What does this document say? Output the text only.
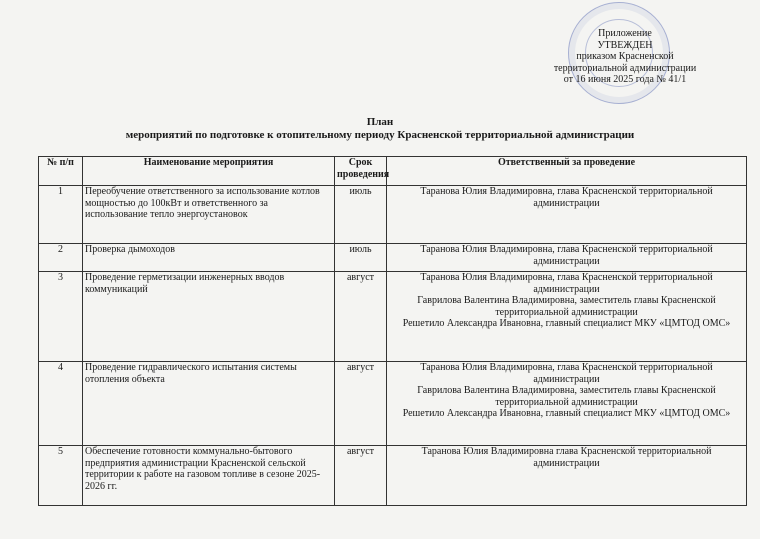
Приложение
УТВЕЖДЕН
приказом Красненской
территориальной администрации
от 16 июня 2025 года № 41/1
План
мероприятий по подготовке к отопительному периоду Красненской территориальной администрации
№ п/п	Наименование мероприятия	Срок проведения	Ответственный за проведение
1	Переобучение ответственного за использование котлов мощностью до 100кВт и ответственного за использование тепло энергоустановок	июль	Таранова Юлия Владимировна, глава Красненской территориальной администрации

2	Проверка дымоходов	июль	Таранова Юлия Владимировна, глава Красненской территориальной администрации

3	Проведение герметизации инженерных вводов коммуникаций	август	Таранова Юлия Владимировна, глава Красненской территориальной администрации
Гаврилова Валентина Владимировна, заместитель главы Красненской территориальной администрации
Решетило Александра Ивановна, главный специалист МКУ «ЦМТОД ОМС»

4	Проведение гидравлического испытания системы отопления объекта	август	Таранова Юлия Владимировна, глава Красненской территориальной администрации
Гаврилова Валентина Владимировна, заместитель главы Красненской территориальной администрации
Решетило Александра Ивановна, главный специалист МКУ «ЦМТОД ОМС»

5	Обеспечение готовности коммунально-бытового предприятия администрации Красненской сельской территории к работе на газовом топливе в сезоне 2025-2026 гг.	август	Таранова Юлия Владимировна глава Красненской территориальной администрации
